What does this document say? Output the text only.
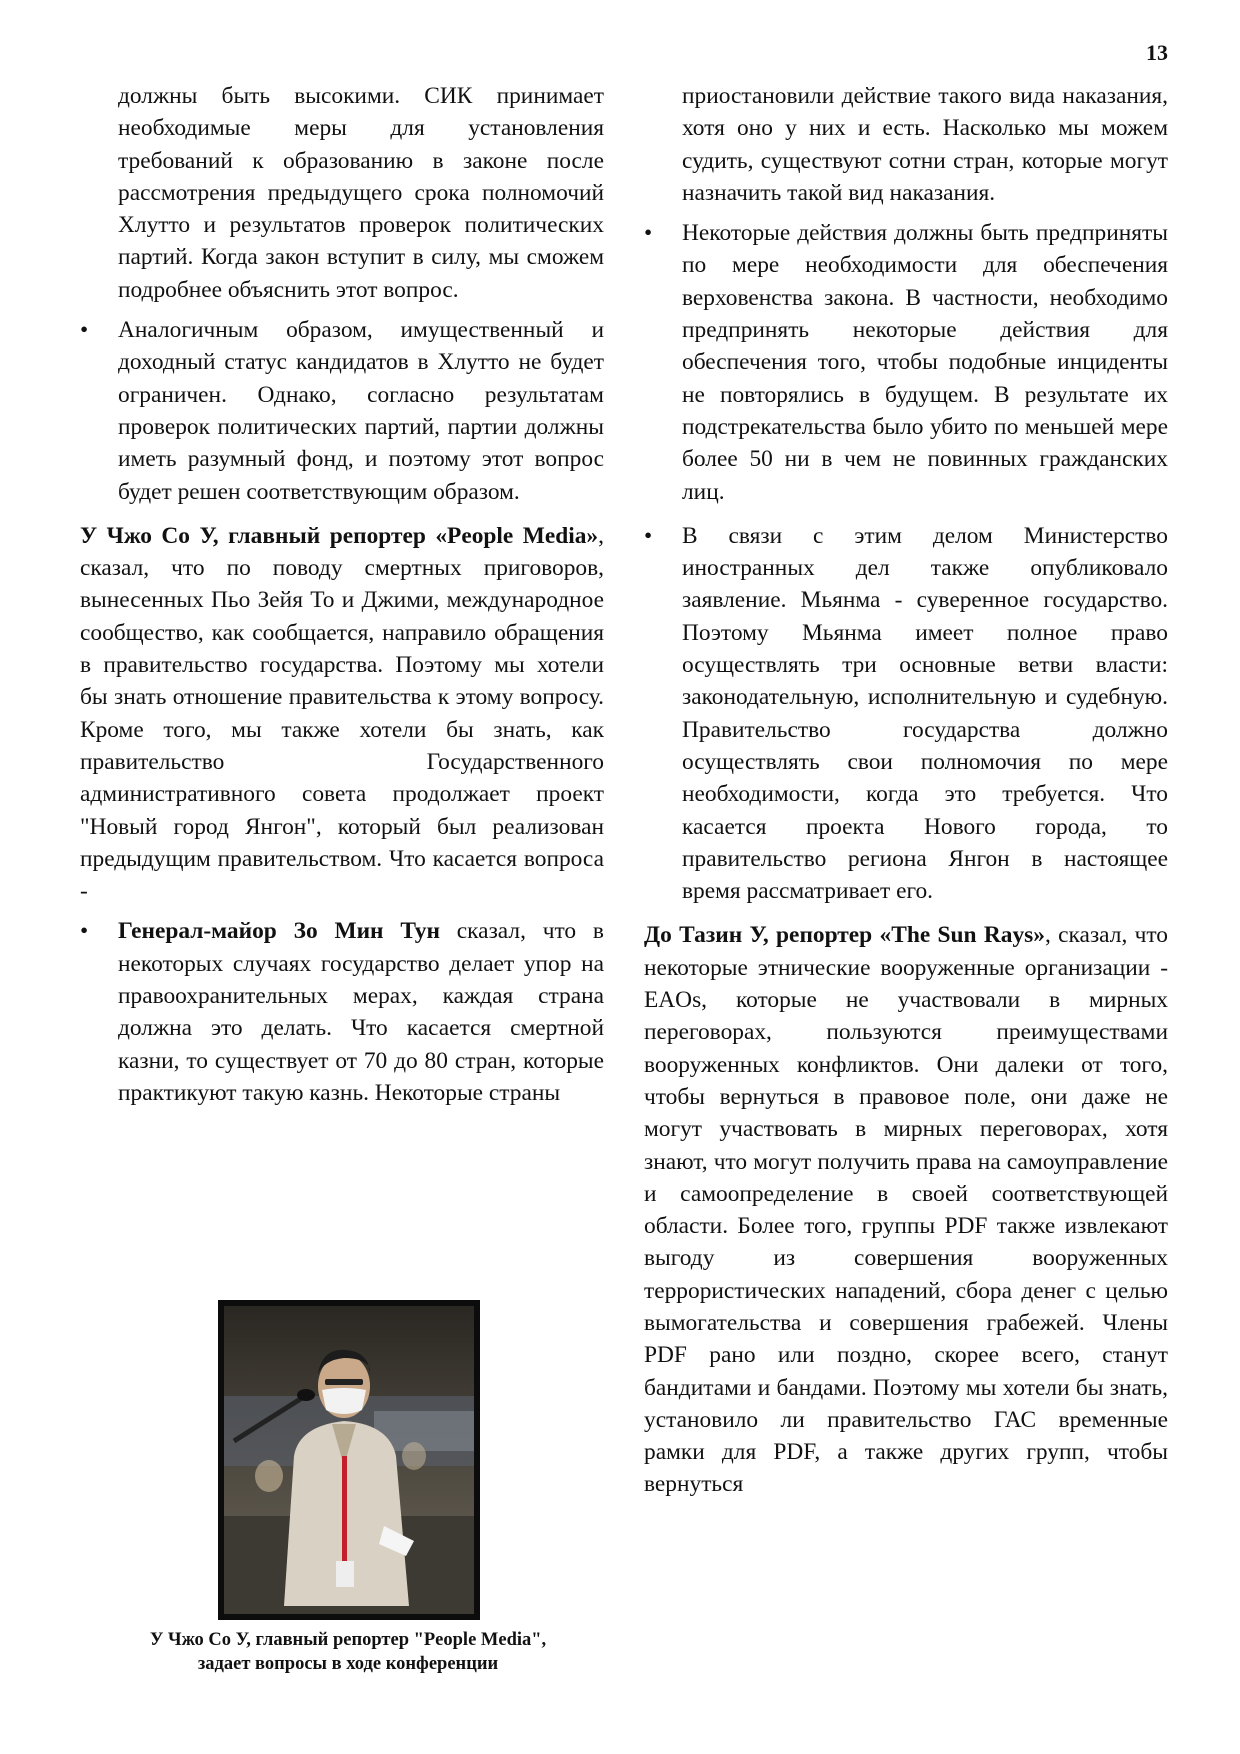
13

должны быть высокими. СИК принимает необходимые меры для установления требований к образованию в законе после рассмотрения предыдущего срока полномочий Хлутто и результатов проверок политических партий. Когда закон вступит в силу, мы сможем подробнее объяснить этот вопрос.

•	Аналогичным образом, имущественный и доходный статус кандидатов в Хлутто не будет ограничен. Однако, согласно результатам проверок политических партий, партии должны иметь разумный фонд, и поэтому этот вопрос будет решен соответствующим образом.

У Чжо Со У, главный репортер «People Media», сказал, что по поводу смертных приговоров, вынесенных Пьо Зейя То и Джими, международное сообщество, как сообщается, направило обращения в правительство государства. Поэтому мы хотели бы знать отношение правительства к этому вопросу. Кроме того, мы также хотели бы знать, как правительство Государственного административного совета продолжает проект "Новый город Янгон", который был реализован предыдущим правительством. Что касается вопроса -

•	Генерал-майор Зо Мин Тун сказал, что в некоторых случаях государство делает упор на правоохранительных мерах, каждая страна должна это делать. Что касается смертной казни, то существует от 70 до 80 стран, которые практикуют такую казнь. Некоторые страны
У Чжо Со У, главный репортер "People Media",
задает вопросы в ходе конференции

приостановили действие такого вида наказания, хотя оно у них и есть. Насколько мы можем судить, существуют сотни стран, которые могут назначить такой вид наказания.

•	Некоторые действия должны быть предприняты по мере необходимости для обеспечения верховенства закона. В частности, необходимо предпринять некоторые действия для обеспечения того, чтобы подобные инциденты не повторялись в будущем. В результате их подстрекательства было убито по меньшей мере более 50 ни в чем не повинных гражданских лиц.
•	В связи с этим делом Министерство иностранных дел также опубликовало заявление. Мьянма - суверенное государство. Поэтому Мьянма имеет полное право осуществлять три основные ветви власти: законодательную, исполнительную и судебную. Правительство государства должно осуществлять свои полномочия по мере необходимости, когда это требуется. Что касается проекта Нового города, то правительство региона Янгон в настоящее время рассматривает его.

До Тазин У, репортер «The Sun Rays», сказал, что некоторые этнические вооруженные организации - EAOs, которые не участвовали в мирных переговорах, пользуются преимуществами вооруженных конфликтов. Они далеки от того, чтобы вернуться в правовое поле, они даже не могут участвовать в мирных переговорах, хотя знают, что могут получить права на самоуправление и самоопределение в своей соответствующей области. Более того, группы PDF также извлекают выгоду из совершения вооруженных террористических нападений, сбора денег с целью вымогательства и совершения грабежей. Члены PDF рано или поздно, скорее всего, станут бандитами и бандами. Поэтому мы хотели бы знать, установило ли правительство ГАС временные рамки для PDF, а также других групп, чтобы вернуться
